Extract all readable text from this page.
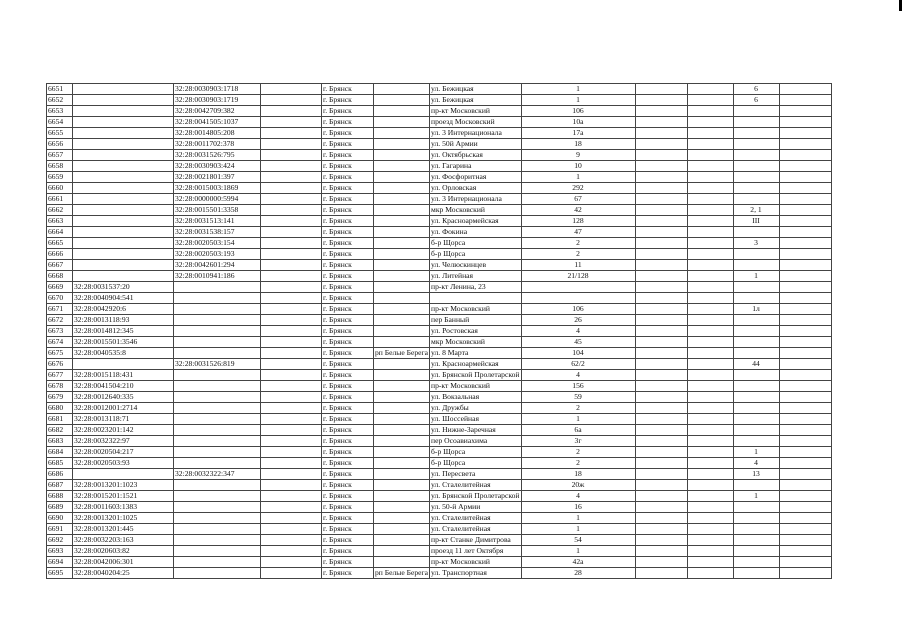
6651		32:28:0030903:1718		г. Брянск		ул. Бежицкая	1			6	
6652		32:28:0030903:1719		г. Брянск		ул. Бежицкая	1			6	
6653		32:28:0042709:382		г. Брянск		пр-кт Московский	106				
6654		32:28:0041505:1037		г. Брянск		проезд Московский	10а				
6655		32:28:0014805:208		г. Брянск		ул. 3 Интернационала	17а				
6656		32:28:0011702:378		г. Брянск		ул. 50й Армии	18				
6657		32:28:0031526:795		г. Брянск		ул. Октябрьская	9				
6658		32:28:0030903:424		г. Брянск		ул. Гагарина	10				
6659		32:28:0021801:397		г. Брянск		ул. Фосфоритная	1				
6660		32:28:0015003:1869		г. Брянск		ул. Орловская	292				
6661		32:28:0000000:5994		г. Брянск		ул. 3 Интернационала	67				
6662		32:28:0015501:3358		г. Брянск		мкр Московский	42			2, 1	
6663		32:28:0031513:141		г. Брянск		ул. Красноармейская	128			III	
6664		32:28:0031538:157		г. Брянск		ул. Фокина	47				
6665		32:28:0020503:154		г. Брянск		б-р Щорса	2			3	
6666		32:28:0020503:193		г. Брянск		б-р Щорса	2				
6667		32:28:0042601:294		г. Брянск		ул. Челюскинцев	11				
6668		32:28:0010941:186		г. Брянск		ул. Литейная	21/128			1	
6669	32:28:0031537:20			г. Брянск		пр-кт Ленина, 23					
6670	32:28:0040904:541			г. Брянск							
6671	32:28:0042920:6			г. Брянск		пр-кт Московский	106			1л	
6672	32:28:0013118:93			г. Брянск		пер Банный	26				
6673	32:28:0014812:345			г. Брянск		ул. Ростовская	4				
6674	32:28:0015501:3546			г. Брянск		мкр Московский	45				
6675	32:28:0040535:8			г. Брянск	рп Белые Берега	ул. 8 Марта	104				
6676		32:28:0031526:819		г. Брянск		ул. Красноармейская	62/2			44	
6677	32:28:0015118:431			г. Брянск		ул. Брянской Пролетарской	4				
6678	32:28:0041504:210			г. Брянск		пр-кт Московский	156				
6679	32:28:0012640:335			г. Брянск		ул. Вокзальная	59				
6680	32:28:0012001:2714			г. Брянск		ул. Дружбы	2				
6681	32:28:0013118:71			г. Брянск		ул. Шоссейная	1				
6682	32:28:0023201:142			г. Брянск		ул. Нижне-Заречная	6а				
6683	32:28:0032322:97			г. Брянск		пер Осоавиахима	3г				
6684	32:28:0020504:217			г. Брянск		б-р Щорса	2			1	
6685	32:28:0020503:93			г. Брянск		б-р Щорса	2			4	
6686		32:28:0032322:347		г. Брянск		ул. Пересвета	18			13	
6687	32:28:0013201:1023			г. Брянск		ул. Сталелитейная	20ж				
6688	32:28:0015201:1521			г. Брянск		ул. Брянской Пролетарской	4			1	
6689	32:28:0011603:1383			г. Брянск		ул. 50-й Армии	16				
6690	32:28:0013201:1025			г. Брянск		ул. Сталелитейная	1				
6691	32:28:0013201:445			г. Брянск		ул. Сталелитейная	1				
6692	32:28:0032203:163			г. Брянск		пр-кт Станке Димитрова	54				
6693	32:28:0020603:82			г. Брянск		проезд 11 лет Октября	1				
6694	32:28:0042006:301			г. Брянск		пр-кт Московский	42а				
6695	32:28:0040204:25			г. Брянск	рп Белые Берега	ул. Транспортная	28				
